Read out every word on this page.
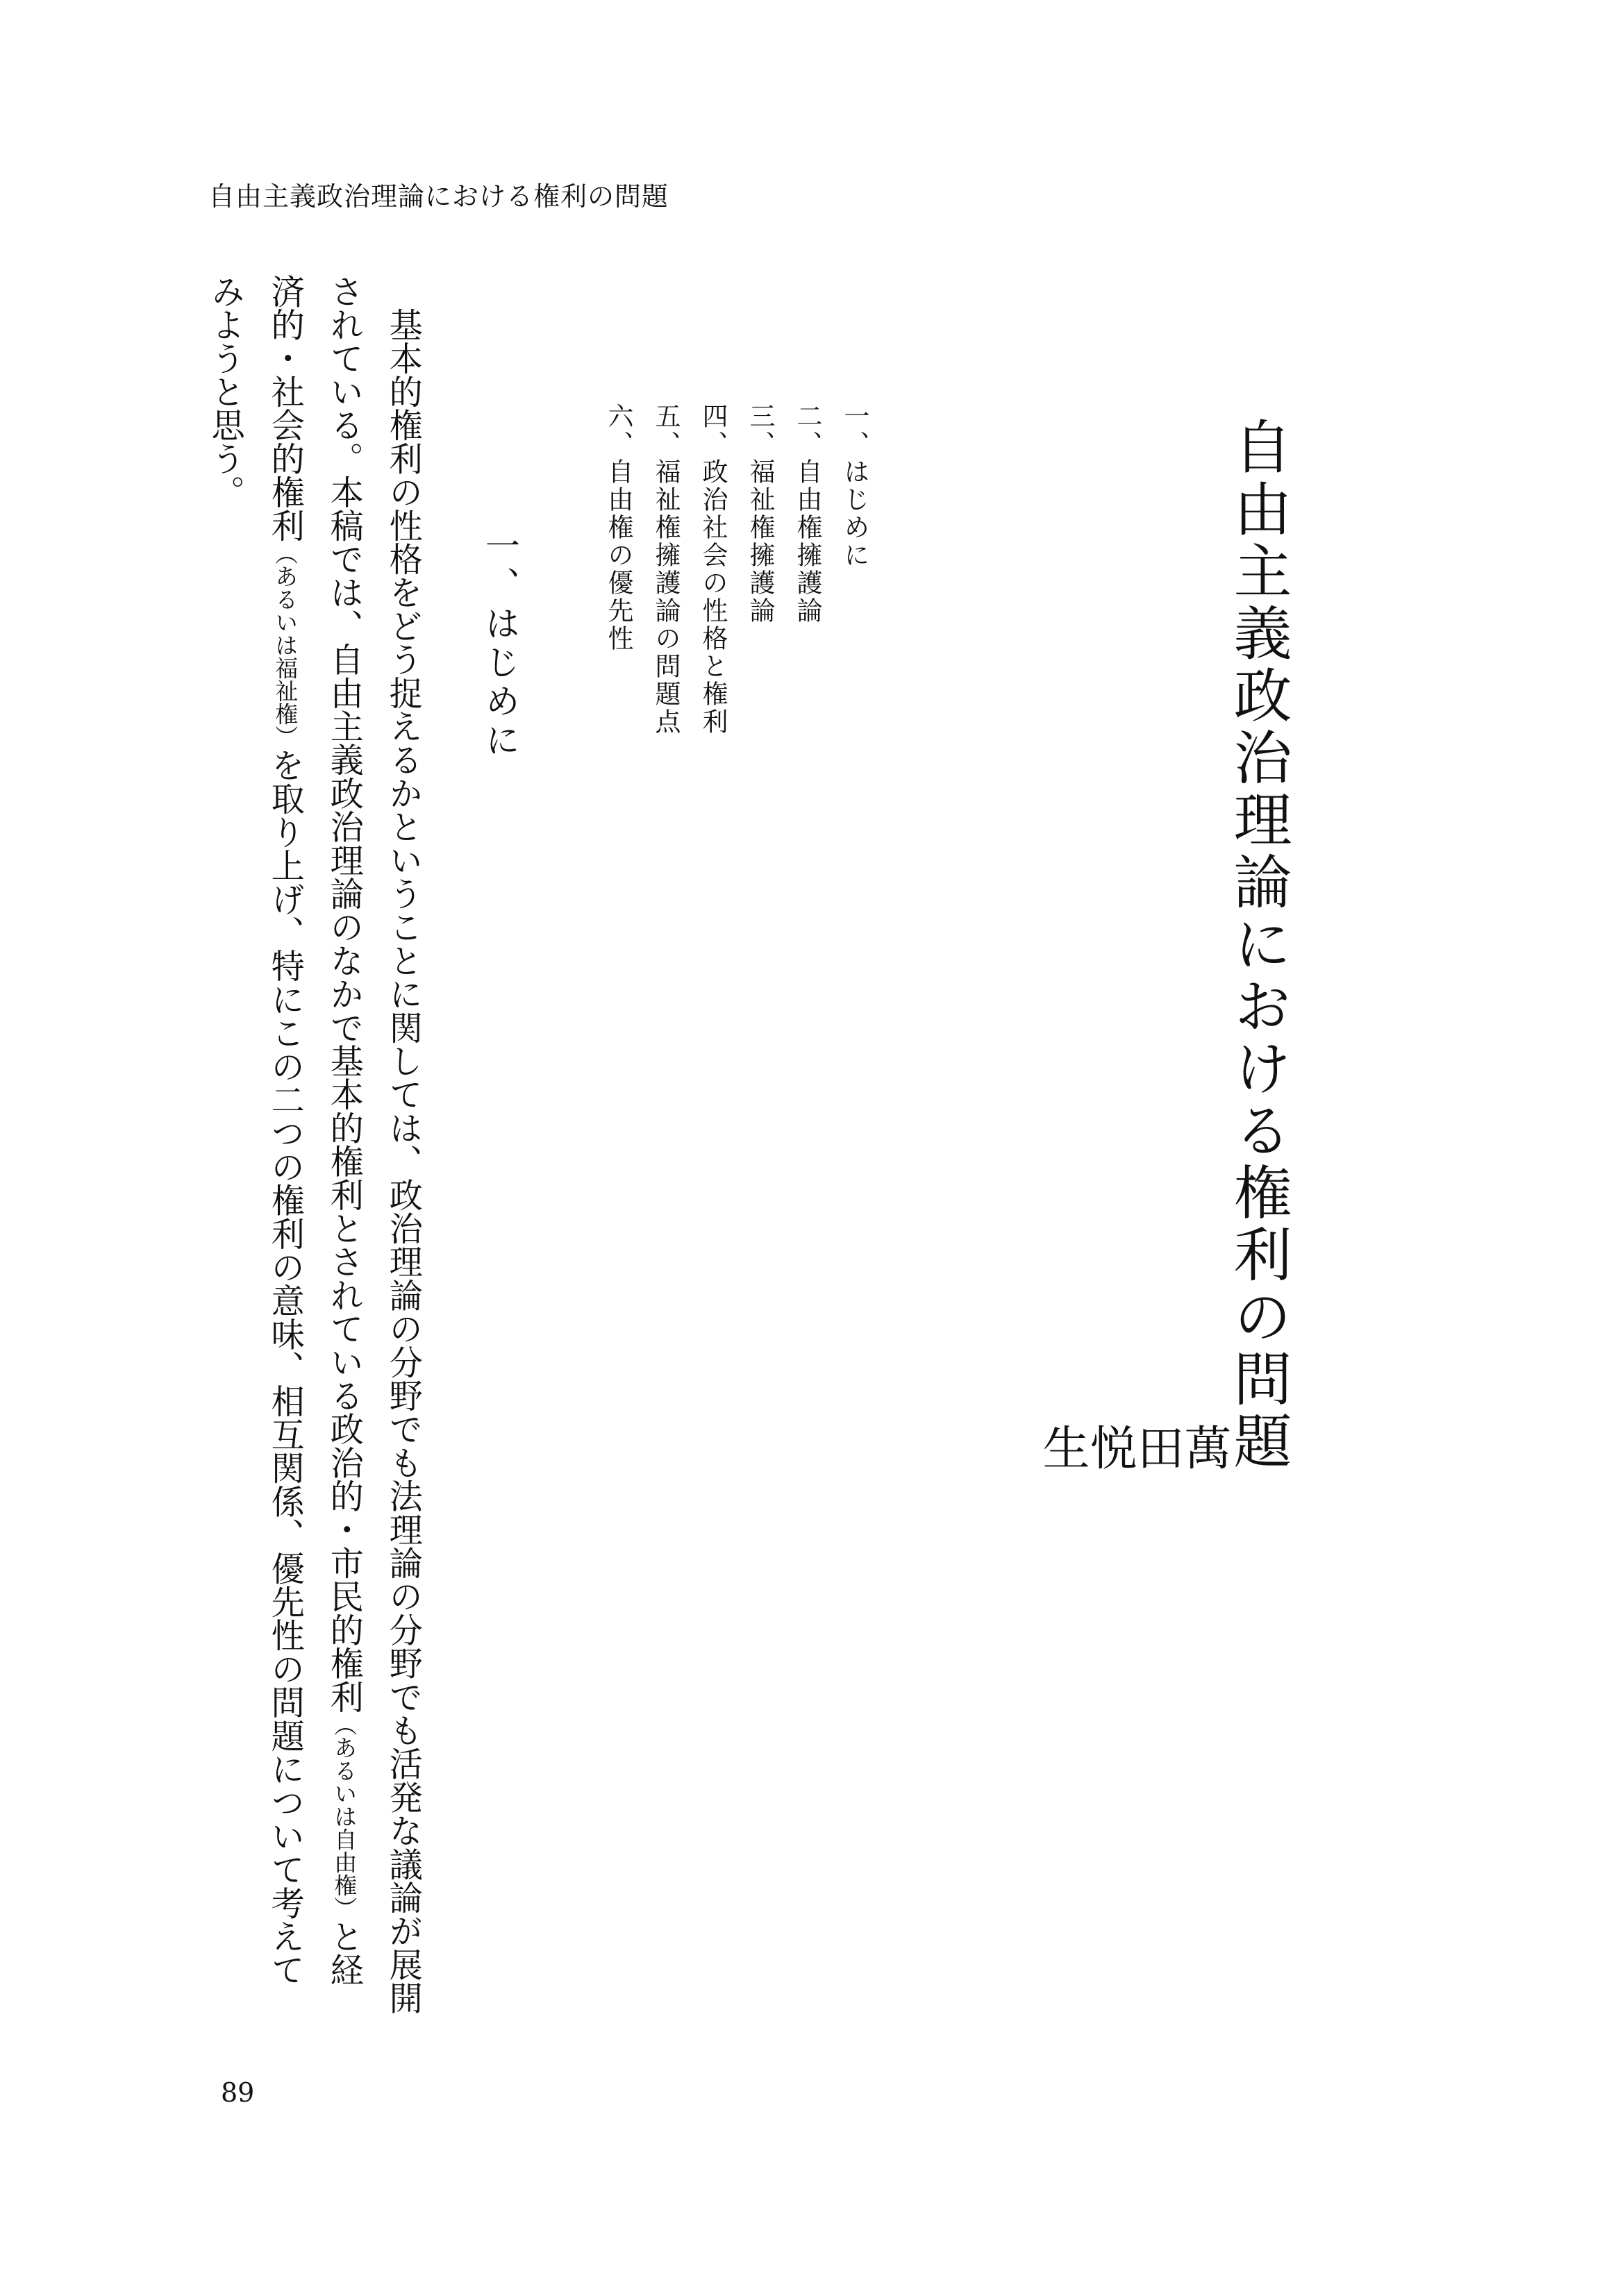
自由主義政治理論における権利の問題
自由主義政治理論における権利の問題
萬
田
悦
生
一、はじめに
二、自由権擁護論
三、福祉権擁護論
四、政治社会の性格と権利
五、福祉権擁護論の問題点
六、自由権の優先性
一、はじめに
　基本的権利の性格をどう捉えるかということに関しては、政治理論の分野でも法理論の分野でも活発な議論が展開
されている。本稿では、自由主義政治理論のなかで基本的権利とされている政治的・市民的権利（あるいは自由権）と経
済的・社会的権利（あるいは福祉権）を取り上げ、特にこの二つの権利の意味、相互関係、優先性の問題について考えて
みようと思う。
89
